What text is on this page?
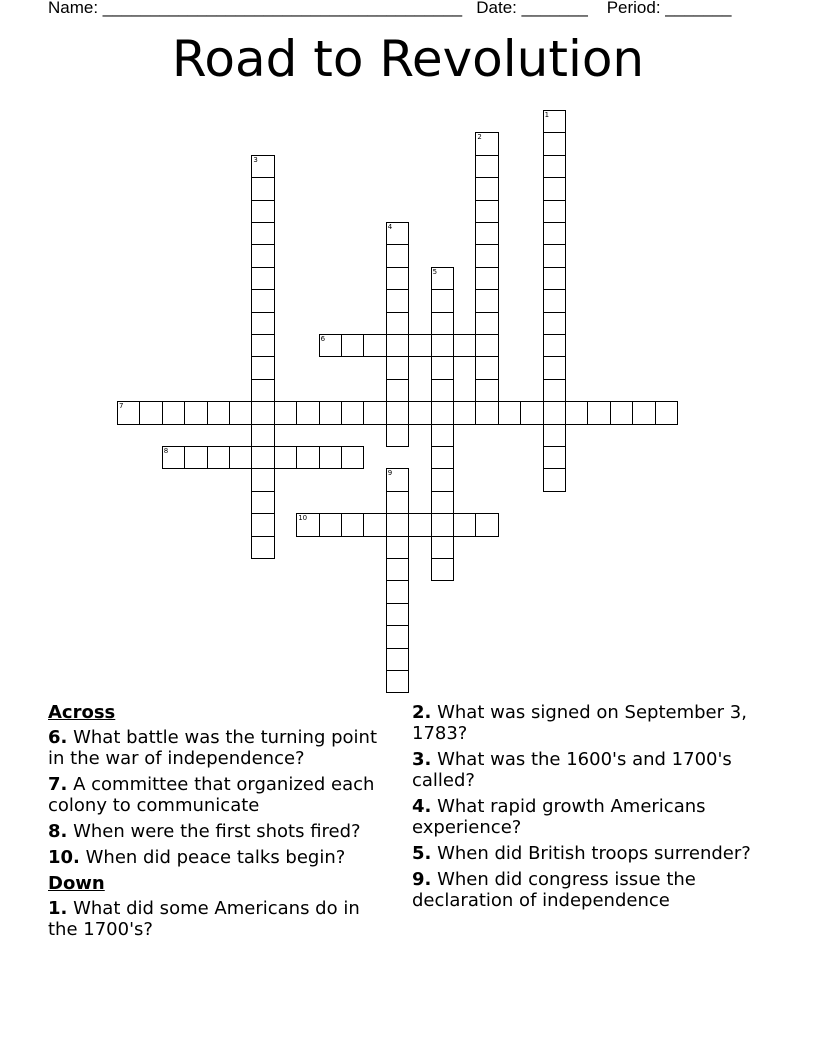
Name: ______________________________________ Date: _______ Period: _______
Road to Revolution
1
2
3
4
5
6
7
8
9
10
Across
6. What battle was the turning point in the war of independence?
7. A committee that organized each colony to communicate
8. When were the first shots fired?
10. When did peace talks begin?
Down
1. What did some Americans do in the 1700's?
2. What was signed on September 3, 1783?
3. What was the 1600's and 1700's called?
4. What rapid growth Americans experience?
5. When did British troops surrender?
9. When did congress issue the declaration of independence
